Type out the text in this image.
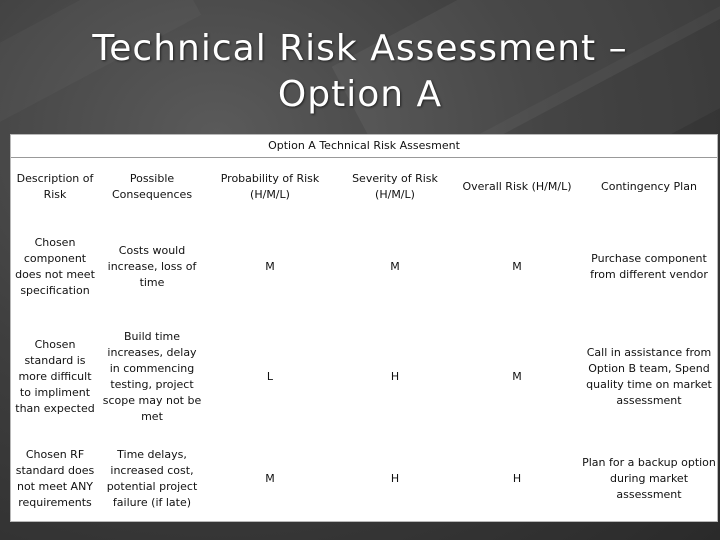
Technical Risk Assessment –
Option A
Option A Technical Risk Assesment
Description of Risk	Possible Consequences	Probability of Risk (H/M/L)	Severity of Risk (H/M/L)	Overall Risk (H/M/L)	Contingency Plan
Chosen component does not meet specification	Costs would increase, loss of time	M	M	M	Purchase component from different vendor
Chosen standard is more difficult to impliment than expected	Build time increases, delay in commencing testing, project scope may not be met	L	H	M	Call in assistance from Option B team, Spend quality time on market assessment
Chosen RF standard does not meet ANY requirements	Time delays, increased cost, potential project failure (if late)	M	H	H	Plan for a backup option during market assessment
